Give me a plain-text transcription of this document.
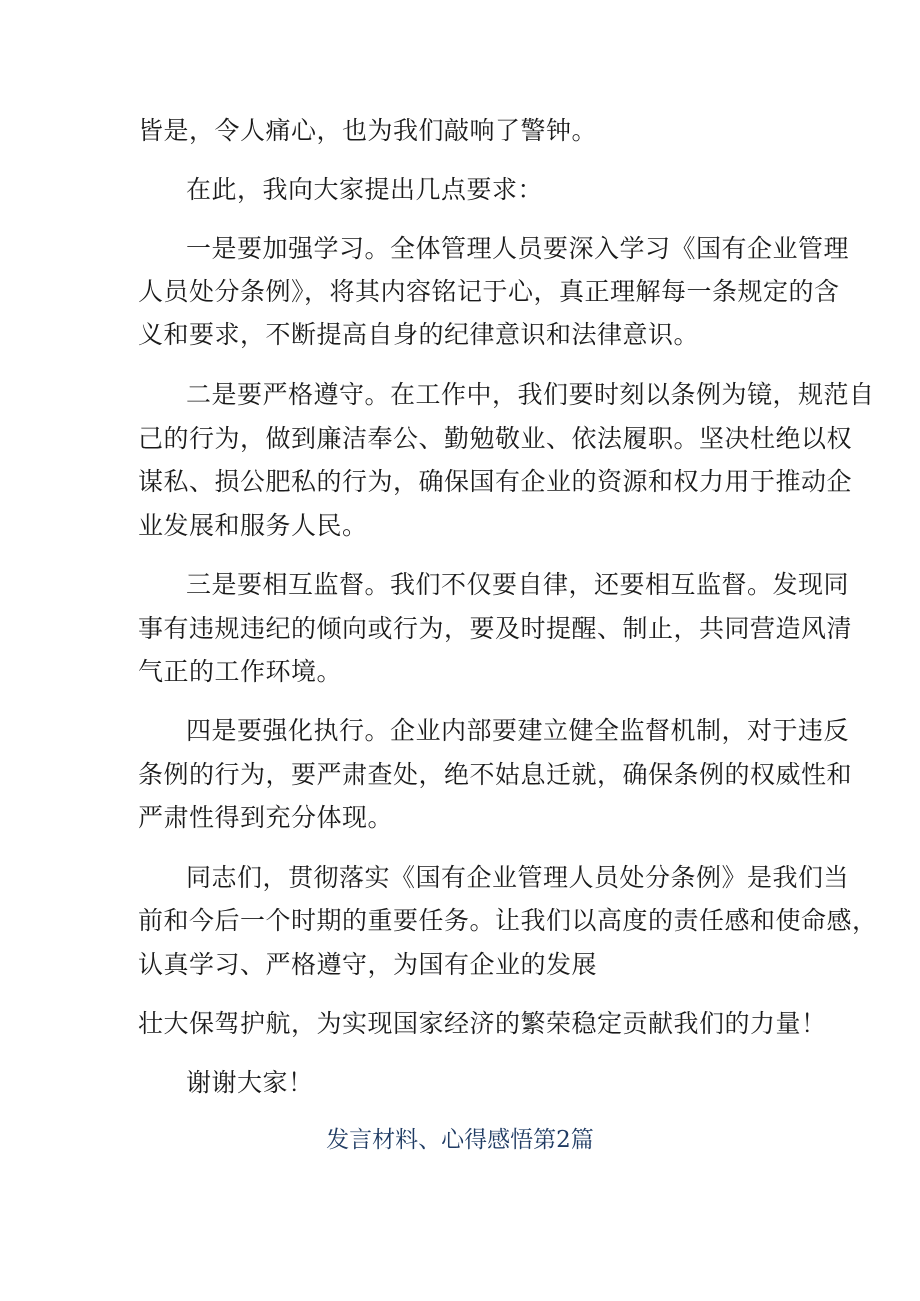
皆是，令人痛心，也为我们敲响了警钟。
在此，我向大家提出几点要求：
一是要加强学习。全体管理人员要深入学习《国有企业管理
人员处分条例》，将其内容铭记于心，真正理解每一条规定的含
义和要求，不断提高自身的纪律意识和法律意识。
二是要严格遵守。在工作中，我们要时刻以条例为镜，规范自
己的行为，做到廉洁奉公、勤勉敬业、依法履职。坚决杜绝以权
谋私、损公肥私的行为，确保国有企业的资源和权力用于推动企
业发展和服务人民。
三是要相互监督。我们不仅要自律，还要相互监督。发现同
事有违规违纪的倾向或行为，要及时提醒、制止，共同营造风清
气正的工作环境。
四是要强化执行。企业内部要建立健全监督机制，对于违反
条例的行为，要严肃查处，绝不姑息迁就，确保条例的权威性和
严肃性得到充分体现。
同志们，贯彻落实《国有企业管理人员处分条例》是我们当
前和今后一个时期的重要任务。让我们以高度的责任感和使命感，
认真学习、严格遵守，为国有企业的发展
壮大保驾护航，为实现国家经济的繁荣稳定贡献我们的力量！
谢谢大家！
发言材料、心得感悟第2篇
